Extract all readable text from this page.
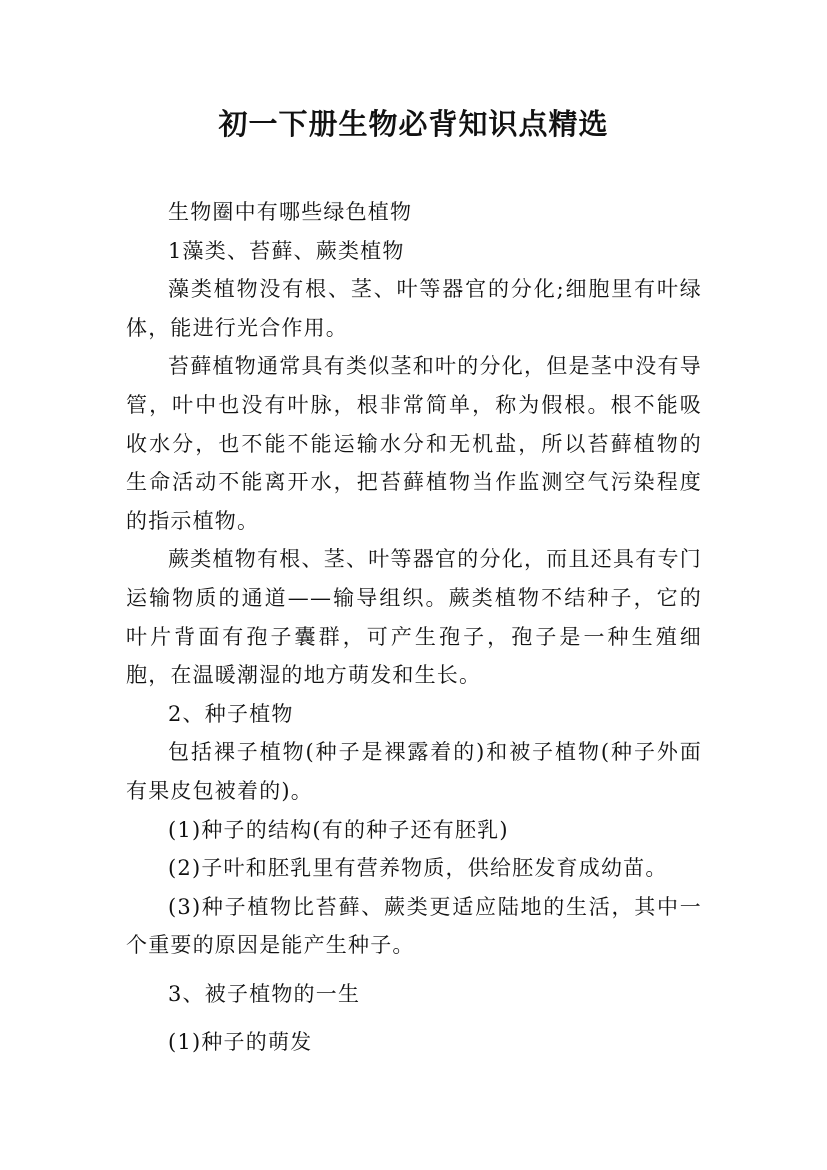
初一下册生物必背知识点精选

生物圈中有哪些绿色植物

1藻类、苔藓、蕨类植物

藻类植物没有根、茎、叶等器官的分化;细胞里有叶绿体，能进行光合作用。

苔藓植物通常具有类似茎和叶的分化，但是茎中没有导管，叶中也没有叶脉，根非常简单，称为假根。根不能吸收水分，也不能不能运输水分和无机盐，所以苔藓植物的生命活动不能离开水，把苔藓植物当作监测空气污染程度的指示植物。

蕨类植物有根、茎、叶等器官的分化，而且还具有专门运输物质的通道——输导组织。蕨类植物不结种子，它的叶片背面有孢子囊群，可产生孢子，孢子是一种生殖细胞，在温暖潮湿的地方萌发和生长。

2、种子植物

包括裸子植物(种子是裸露着的)和被子植物(种子外面有果皮包被着的)。

(1)种子的结构(有的种子还有胚乳)

(2)子叶和胚乳里有营养物质，供给胚发育成幼苗。

(3)种子植物比苔藓、蕨类更适应陆地的生活，其中一个重要的原因是能产生种子。

3、被子植物的一生

(1)种子的萌发
